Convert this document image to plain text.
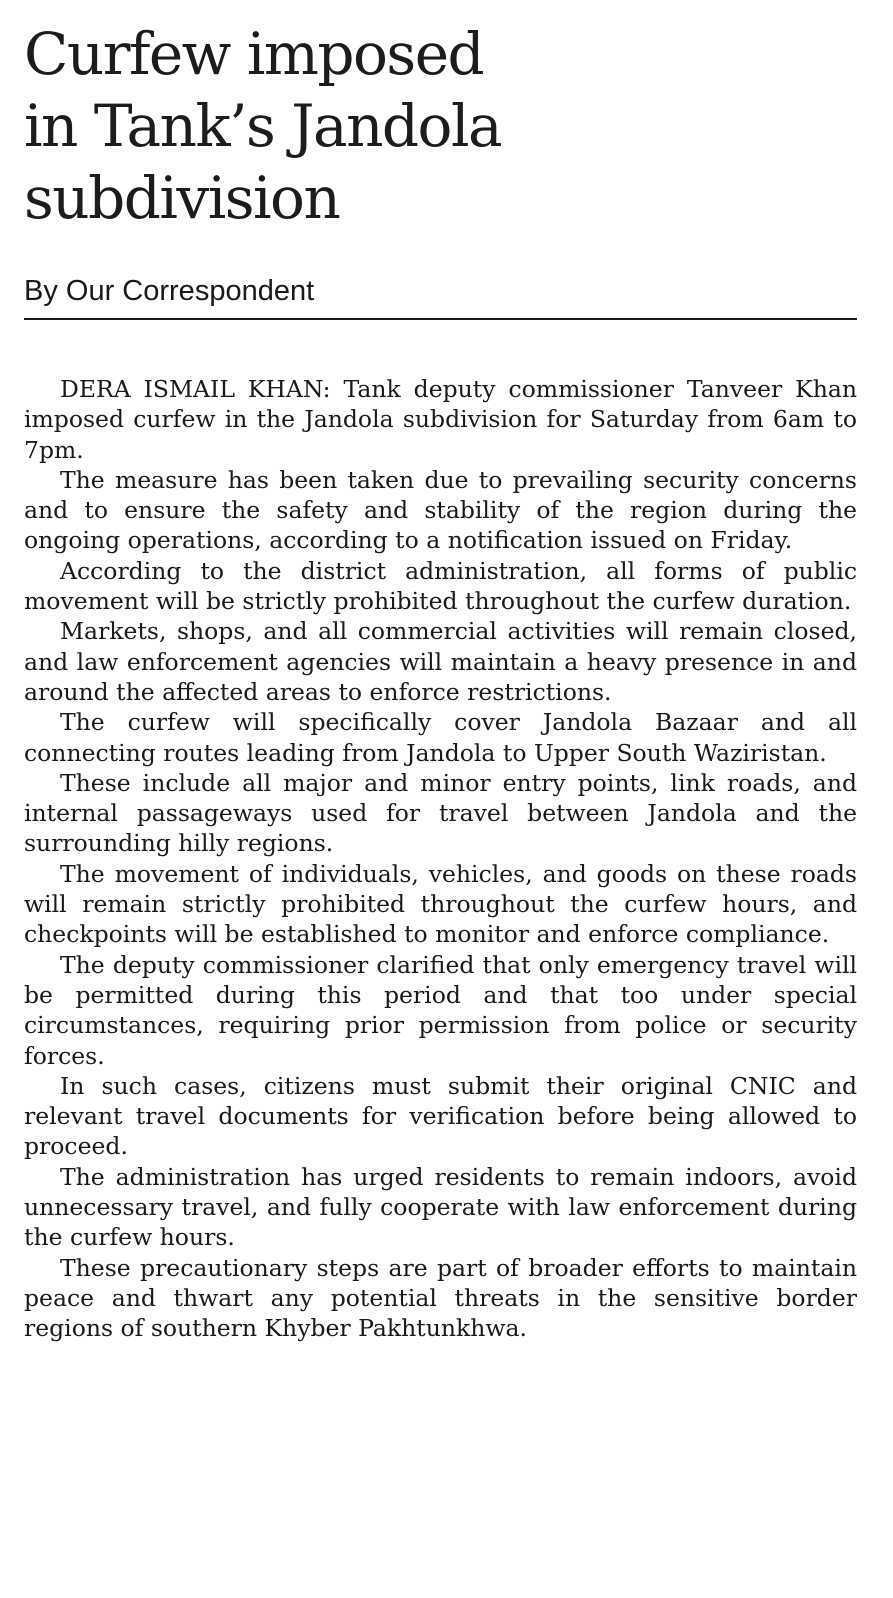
Curfew imposed
in Tank’s Jandola
subdivision
By Our Correspondent

DERA ISMAIL KHAN: Tank deputy commissioner Tanveer Khan imposed curfew in the Jandola subdivision for Saturday from 6am to 7pm.

The measure has been taken due to prevailing security concerns and to ensure the safety and stability of the region during the ongoing operations, according to a notification issued on Friday.

According to the district administration, all forms of public movement will be strictly prohibited throughout the curfew duration.

Markets, shops, and all commercial activities will remain closed, and law enforcement agencies will maintain a heavy presence in and around the affected areas to enforce restrictions.

The curfew will specifically cover Jandola Bazaar and all connecting routes leading from Jandola to Upper South Waziristan.

These include all major and minor entry points, link roads, and internal passageways used for travel between Jandola and the surrounding hilly regions.

The movement of individuals, vehicles, and goods on these roads will remain strictly prohibited throughout the curfew hours, and checkpoints will be established to monitor and enforce compliance.

The deputy commissioner clarified that only emergency travel will be permitted during this period and that too under special circumstances, requiring prior permission from police or security forces.

In such cases, citizens must submit their original CNIC and relevant travel documents for verification before being allowed to proceed.

The administration has urged residents to remain indoors, avoid unnecessary travel, and fully cooperate with law enforcement during the curfew hours.

These precautionary steps are part of broader efforts to maintain peace and thwart any potential threats in the sensitive border regions of southern Khyber Pakhtunkhwa.
